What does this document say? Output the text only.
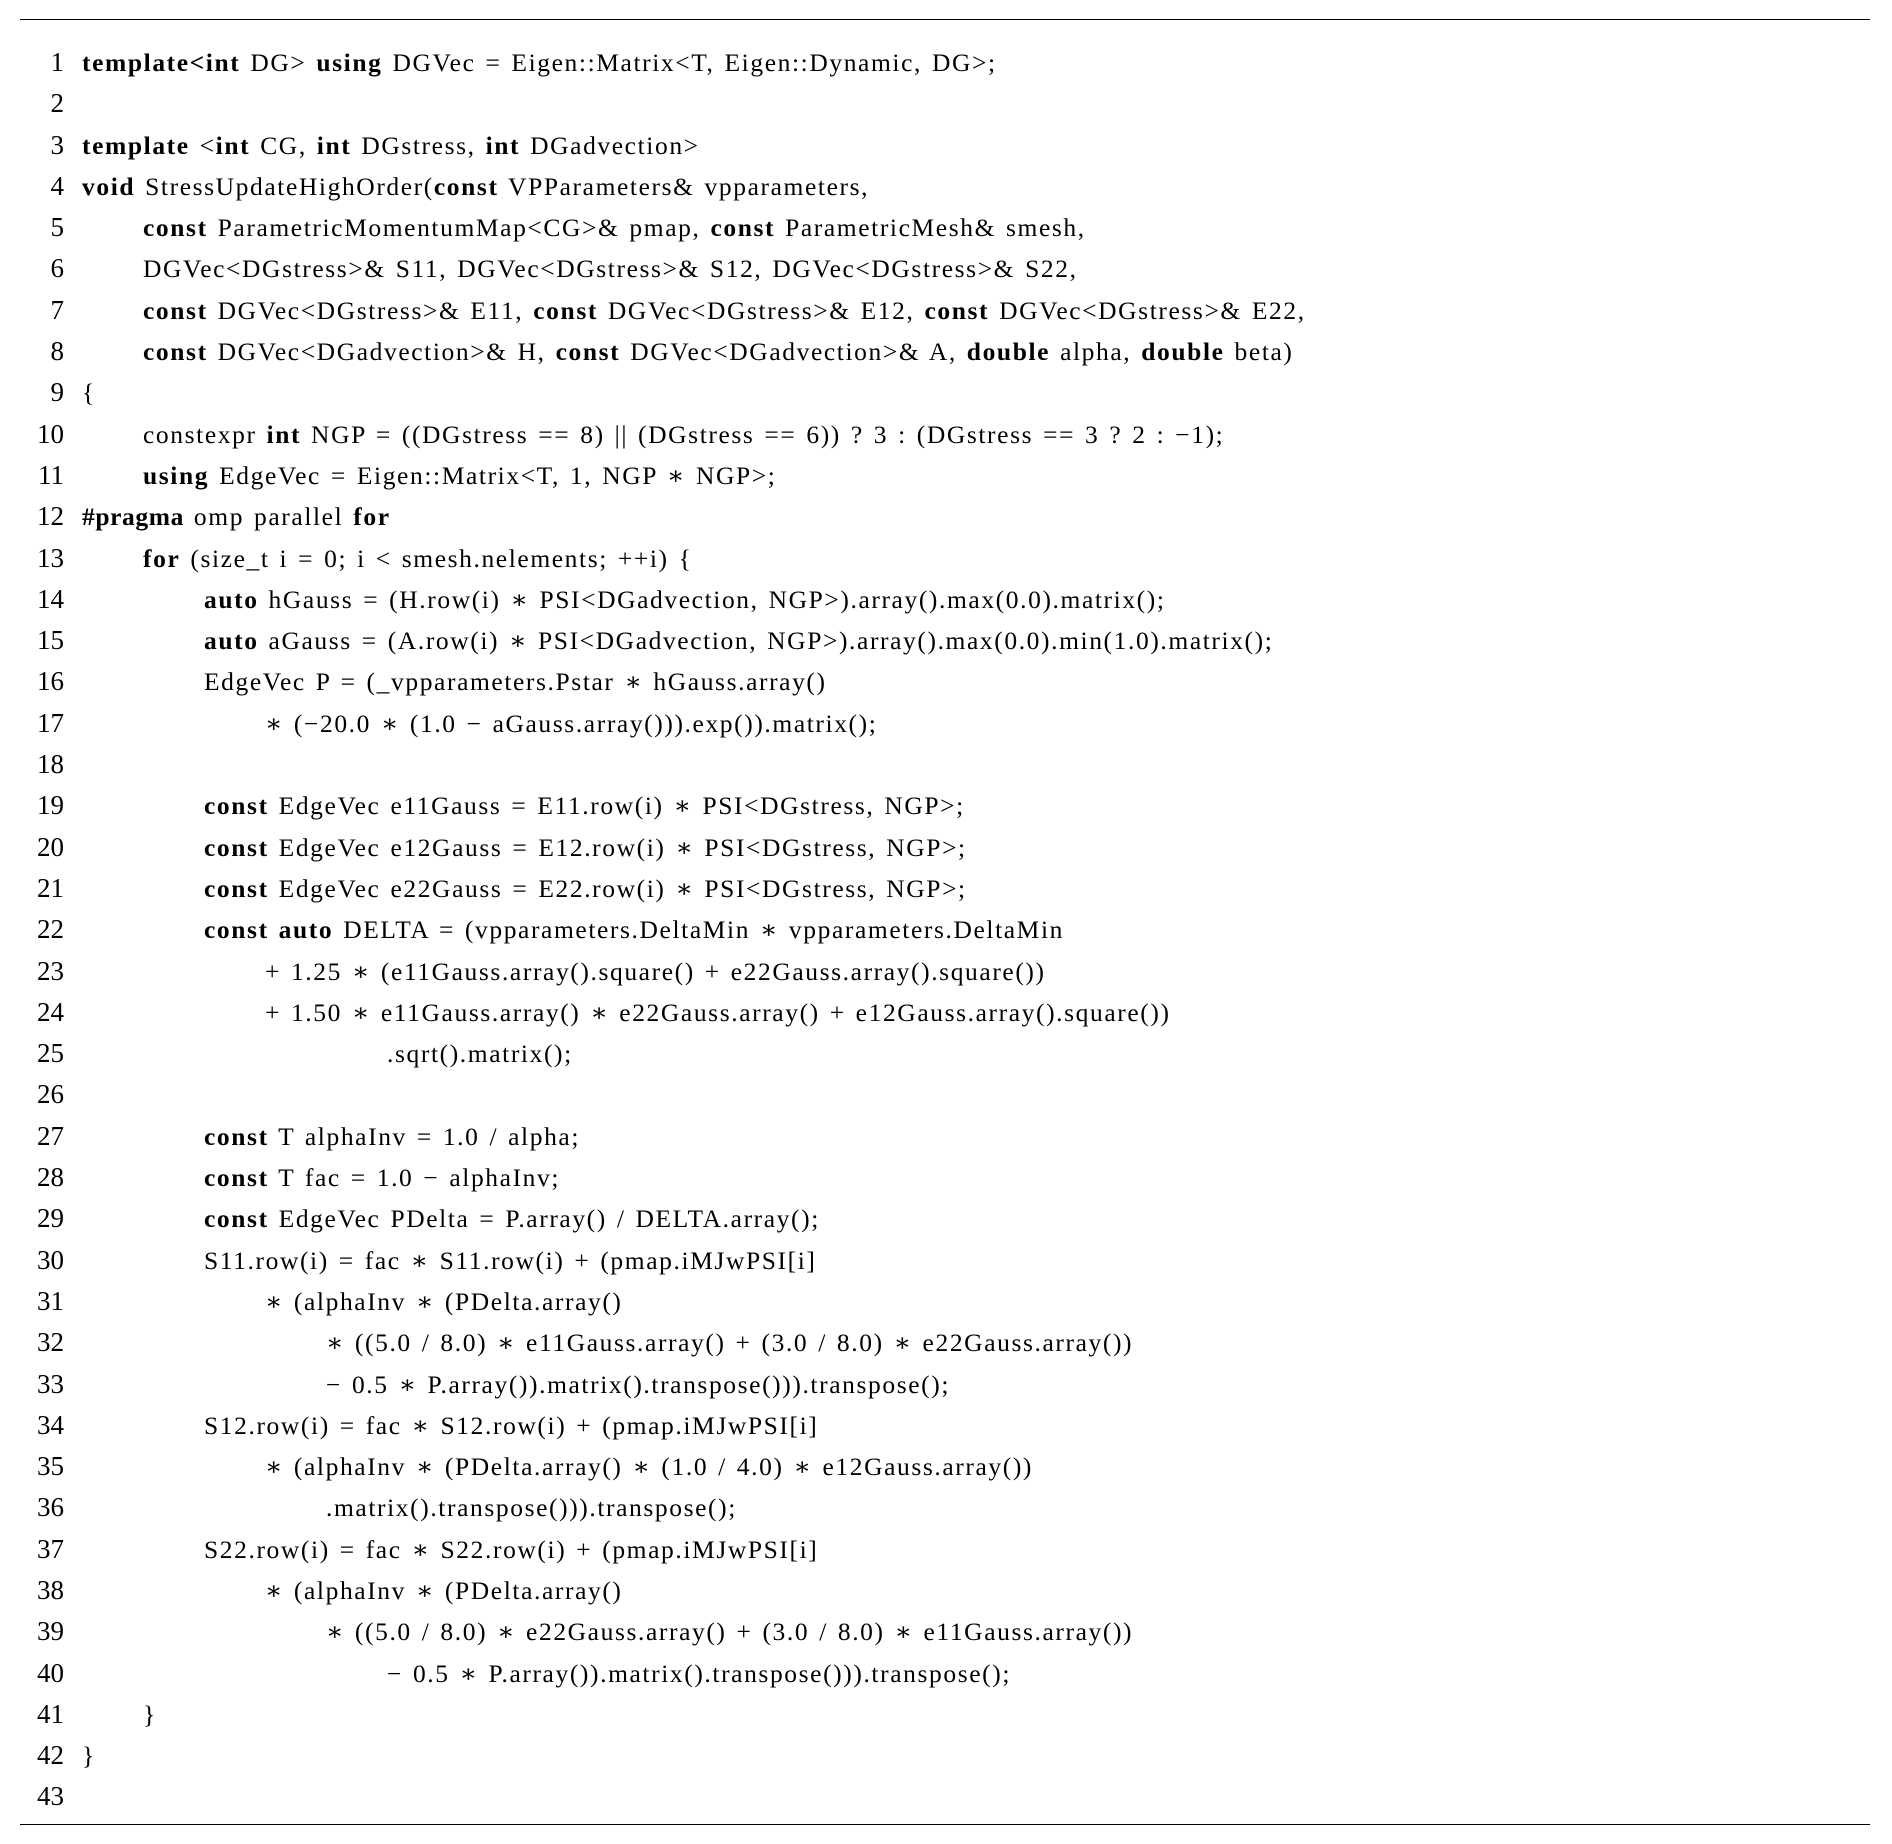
1 template<int DG> using DGVec = Eigen::Matrix<T, Eigen::Dynamic, DG>;
2
3 template <int CG, int DGstress, int DGadvection>
4 void StressUpdateHighOrder(const VPParameters& vpparameters,
5	const ParametricMomentumMap<CG>& pmap, const ParametricMesh& smesh,
6	DGVec<DGstress>& S11, DGVec<DGstress>& S12, DGVec<DGstress>& S22,
7	const DGVec<DGstress>& E11, const DGVec<DGstress>& E12, const DGVec<DGstress>& E22,
8	const DGVec<DGadvection>& H, const DGVec<DGadvection>& A, double alpha, double beta)
9 {
10	constexpr int NGP = ((DGstress == 8) || (DGstress == 6)) ? 3 : (DGstress == 3 ? 2 : −1);
11	using EdgeVec = Eigen::Matrix<T, 1, NGP ∗ NGP>;
12 #pragma omp parallel for
13	for (size_t i = 0; i < smesh.nelements; ++i) {
14	auto hGauss = (H.row(i) ∗ PSI<DGadvection, NGP>).array().max(0.0).matrix();
15	auto aGauss = (A.row(i) ∗ PSI<DGadvection, NGP>).array().max(0.0).min(1.0).matrix();
16	EdgeVec P = (_vpparameters.Pstar ∗ hGauss.array()
17	∗ (−20.0 ∗ (1.0 − aGauss.array())).exp()).matrix();
18
19	const EdgeVec e11Gauss = E11.row(i) ∗ PSI<DGstress, NGP>;
20	const EdgeVec e12Gauss = E12.row(i) ∗ PSI<DGstress, NGP>;
21	const EdgeVec e22Gauss = E22.row(i) ∗ PSI<DGstress, NGP>;
22	const auto DELTA = (vpparameters.DeltaMin ∗ vpparameters.DeltaMin
23	+ 1.25 ∗ (e11Gauss.array().square() + e22Gauss.array().square())
24	+ 1.50 ∗ e11Gauss.array() ∗ e22Gauss.array() + e12Gauss.array().square())
25	.sqrt().matrix();
26
27	const T alphaInv = 1.0 / alpha;
28	const T fac = 1.0 − alphaInv;
29	const EdgeVec PDelta = P.array() / DELTA.array();
30	S11.row(i) = fac ∗ S11.row(i) + (pmap.iMJwPSI[i]
31	∗ (alphaInv ∗ (PDelta.array()
32	∗ ((5.0 / 8.0) ∗ e11Gauss.array() + (3.0 / 8.0) ∗ e22Gauss.array())
33	− 0.5 ∗ P.array()).matrix().transpose())).transpose();
34	S12.row(i) = fac ∗ S12.row(i) + (pmap.iMJwPSI[i]
35	∗ (alphaInv ∗ (PDelta.array() ∗ (1.0 / 4.0) ∗ e12Gauss.array())
36	.matrix().transpose())).transpose();
37	S22.row(i) = fac ∗ S22.row(i) + (pmap.iMJwPSI[i]
38	∗ (alphaInv ∗ (PDelta.array()
39	∗ ((5.0 / 8.0) ∗ e22Gauss.array() + (3.0 / 8.0) ∗ e11Gauss.array())
40	− 0.5 ∗ P.array()).matrix().transpose())).transpose();
41	}
42 }
43
